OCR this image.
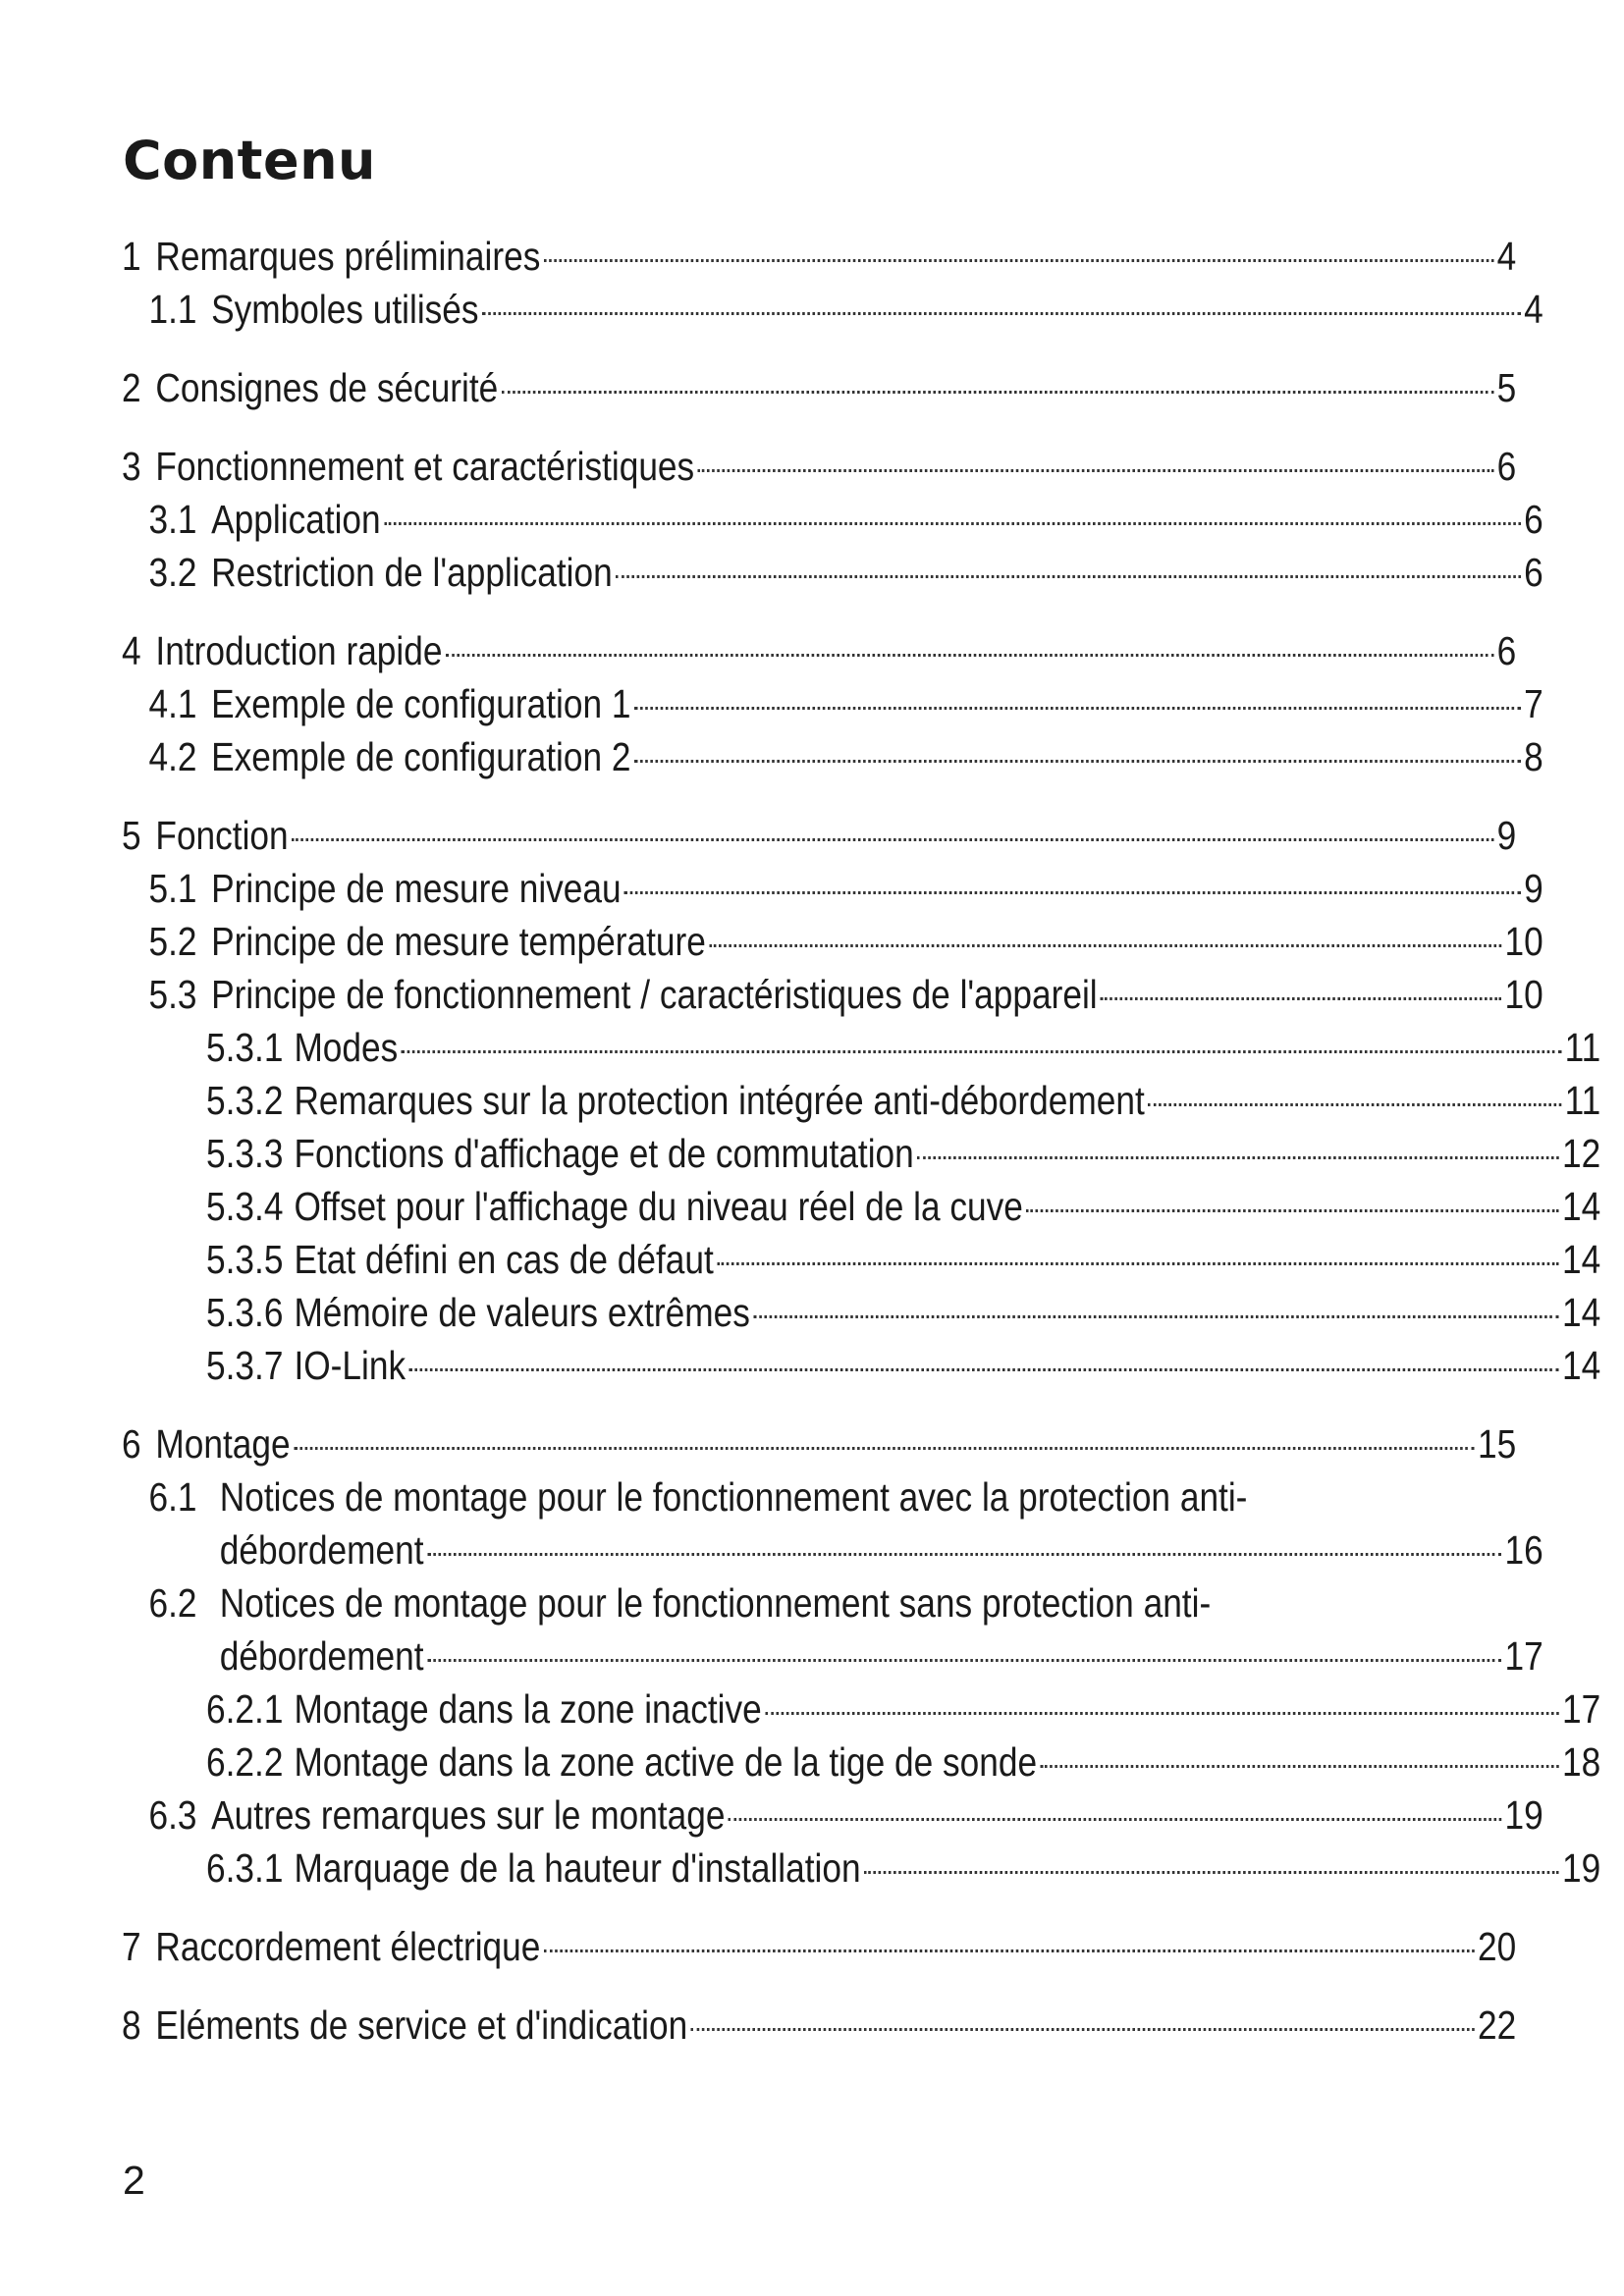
Contenu
1 Remarques préliminaires	4
1.1 Symboles utilisés	4
2 Consignes de sécurité	5
3 Fonctionnement et caractéristiques	6
3.1 Application	6
3.2 Restriction de l'application	6
4 Introduction rapide	6
4.1 Exemple de configuration 1	7
4.2 Exemple de configuration 2	8
5 Fonction	9
5.1 Principe de mesure niveau	9
5.2 Principe de mesure température	10
5.3 Principe de fonctionnement / caractéristiques de l'appareil	10
5.3.1 Modes	11
5.3.2 Remarques sur la protection intégrée anti-débordement	11
5.3.3 Fonctions d'affichage et de commutation	12
5.3.4 Offset pour l'affichage du niveau réel de la cuve	14
5.3.5 Etat défini en cas de défaut	14
5.3.6 Mémoire de valeurs extrêmes	14
5.3.7 IO-Link	14
6 Montage	15
6.1 Notices de montage pour le fonctionnement avec la protection anti-
débordement	16
6.2 Notices de montage pour le fonctionnement sans protection anti-
débordement	17
6.2.1 Montage dans la zone inactive	17
6.2.2 Montage dans la zone active de la tige de sonde	18
6.3 Autres remarques sur le montage	19
6.3.1 Marquage de la hauteur d'installation	19
7 Raccordement électrique	20
8 Eléments de service et d'indication	22
2
